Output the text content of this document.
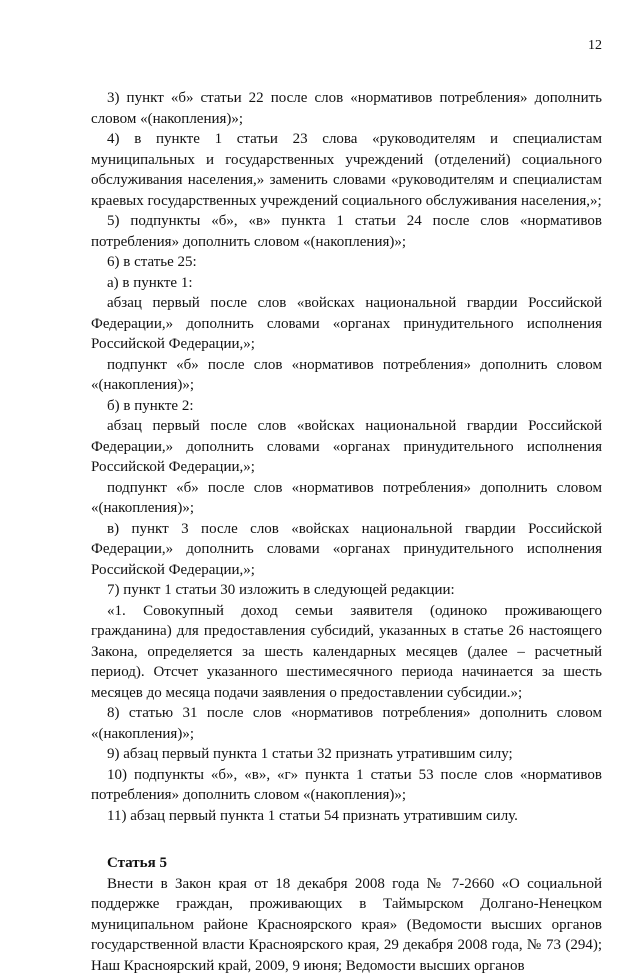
12

3) пункт «б» статьи 22 после слов «нормативов потребления» дополнить словом «(накопления)»;

4) в пункте 1 статьи 23 слова «руководителям и специалистам муниципальных и государственных учреждений (отделений) социального обслуживания населения,» заменить словами «руководителям и специалистам краевых государственных учреждений социального обслуживания населения,»;

5) подпункты «б», «в» пункта 1 статьи 24 после слов «нормативов потребления» дополнить словом «(накопления)»;

6) в статье 25:

а) в пункте 1:

абзац первый после слов «войсках национальной гвардии Российской Федерации,» дополнить словами «органах принудительного исполнения Российской Федерации,»;

подпункт «б» после слов «нормативов потребления» дополнить словом «(накопления)»;

б) в пункте 2:

абзац первый после слов «войсках национальной гвардии Российской Федерации,» дополнить словами «органах принудительного исполнения Российской Федерации,»;

подпункт «б» после слов «нормативов потребления» дополнить словом «(накопления)»;

в) пункт 3 после слов «войсках национальной гвардии Российской Федерации,» дополнить словами «органах принудительного исполнения Российской Федерации,»;

7) пункт 1 статьи 30 изложить в следующей редакции:

«1. Совокупный доход семьи заявителя (одиноко проживающего гражданина) для предоставления субсидий, указанных в статье 26 настоящего Закона, определяется за шесть календарных месяцев (далее – расчетный период). Отсчет указанного шестимесячного периода начинается за шесть месяцев до месяца подачи заявления о предоставлении субсидии.»;

8) статью 31 после слов «нормативов потребления» дополнить словом «(накопления)»;

9) абзац первый пункта 1 статьи 32 признать утратившим силу;

10) подпункты «б», «в», «г» пункта 1 статьи 53 после слов «нормативов потребления» дополнить словом «(накопления)»;

11) абзац первый пункта 1 статьи 54 признать утратившим силу.

Статья 5

Внести в Закон края от 18 декабря 2008 года № 7-2660 «О социальной поддержке граждан, проживающих в Таймырском Долгано-Ненецком муниципальном районе Красноярского края» (Ведомости высших органов государственной власти Красноярского края, 29 декабря 2008 года, № 73 (294); Наш Красноярский край, 2009, 9 июня; Ведомости высших органов
